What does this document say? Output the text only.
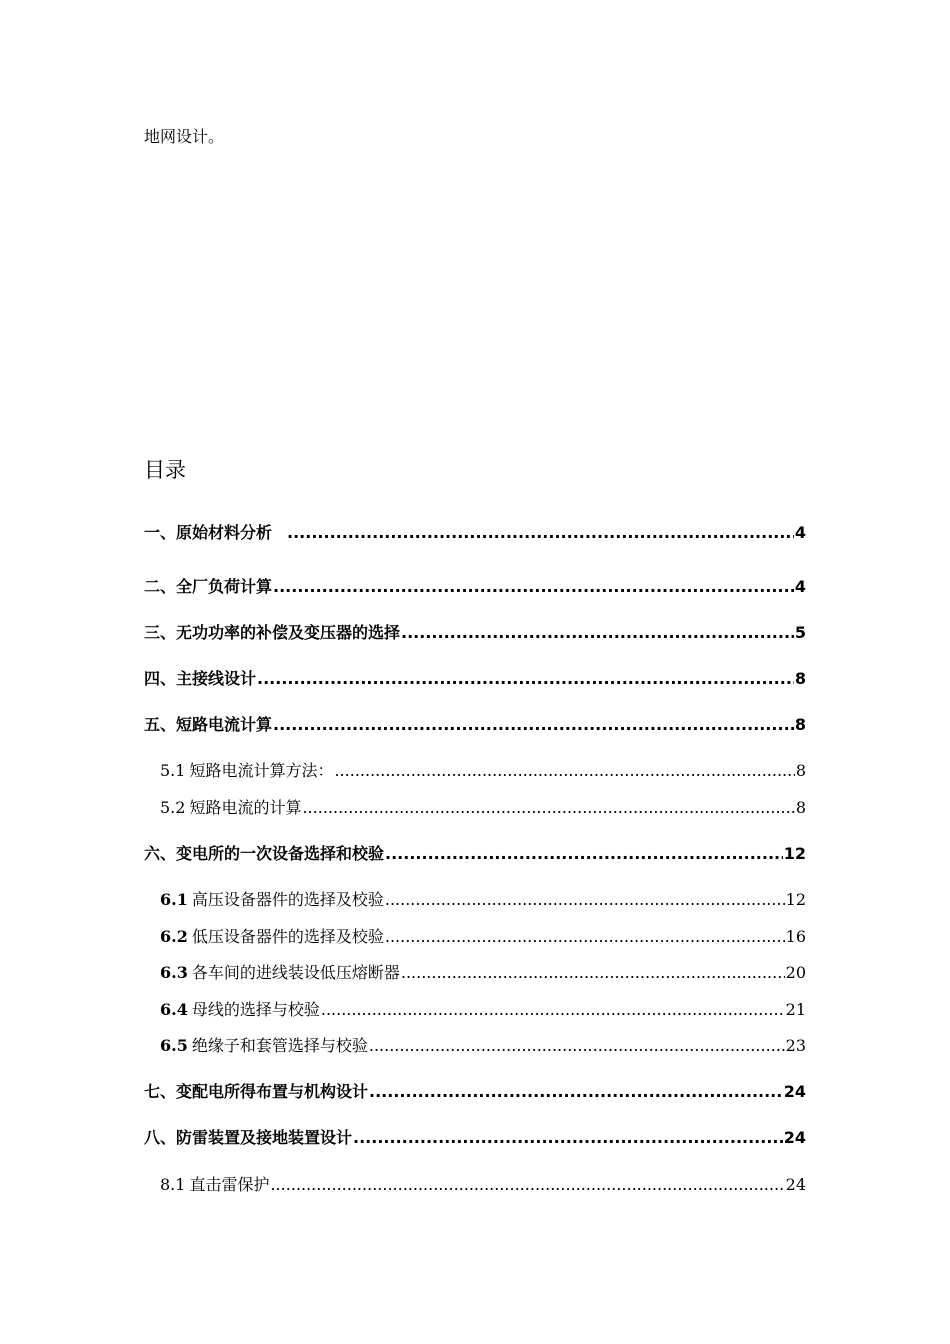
地网设计。
目录
一、原始材料分析 .....	4
二、全厂负荷计算 .....	4
三、无功功率的补偿及变压器的选择 .....	5
四、主接线设计 .....	8
五、短路电流计算 .....	8
5.1 短路电流计算方法： .....	8
5.2 短路电流的计算 .....	8
六、变电所的一次设备选择和校验 .....	12
6.1 高压设备器件的选择及校验 .....	12
6.2 低压设备器件的选择及校验 .....	16
6.3 各车间的进线装设低压熔断器 .....	20
6.4 母线的选择与校验 .....	21
6.5 绝缘子和套管选择与校验 .....	23
七、变配电所得布置与机构设计 .....	24
八、防雷装置及接地装置设计 .....	24
8.1 直击雷保护 .....	24
